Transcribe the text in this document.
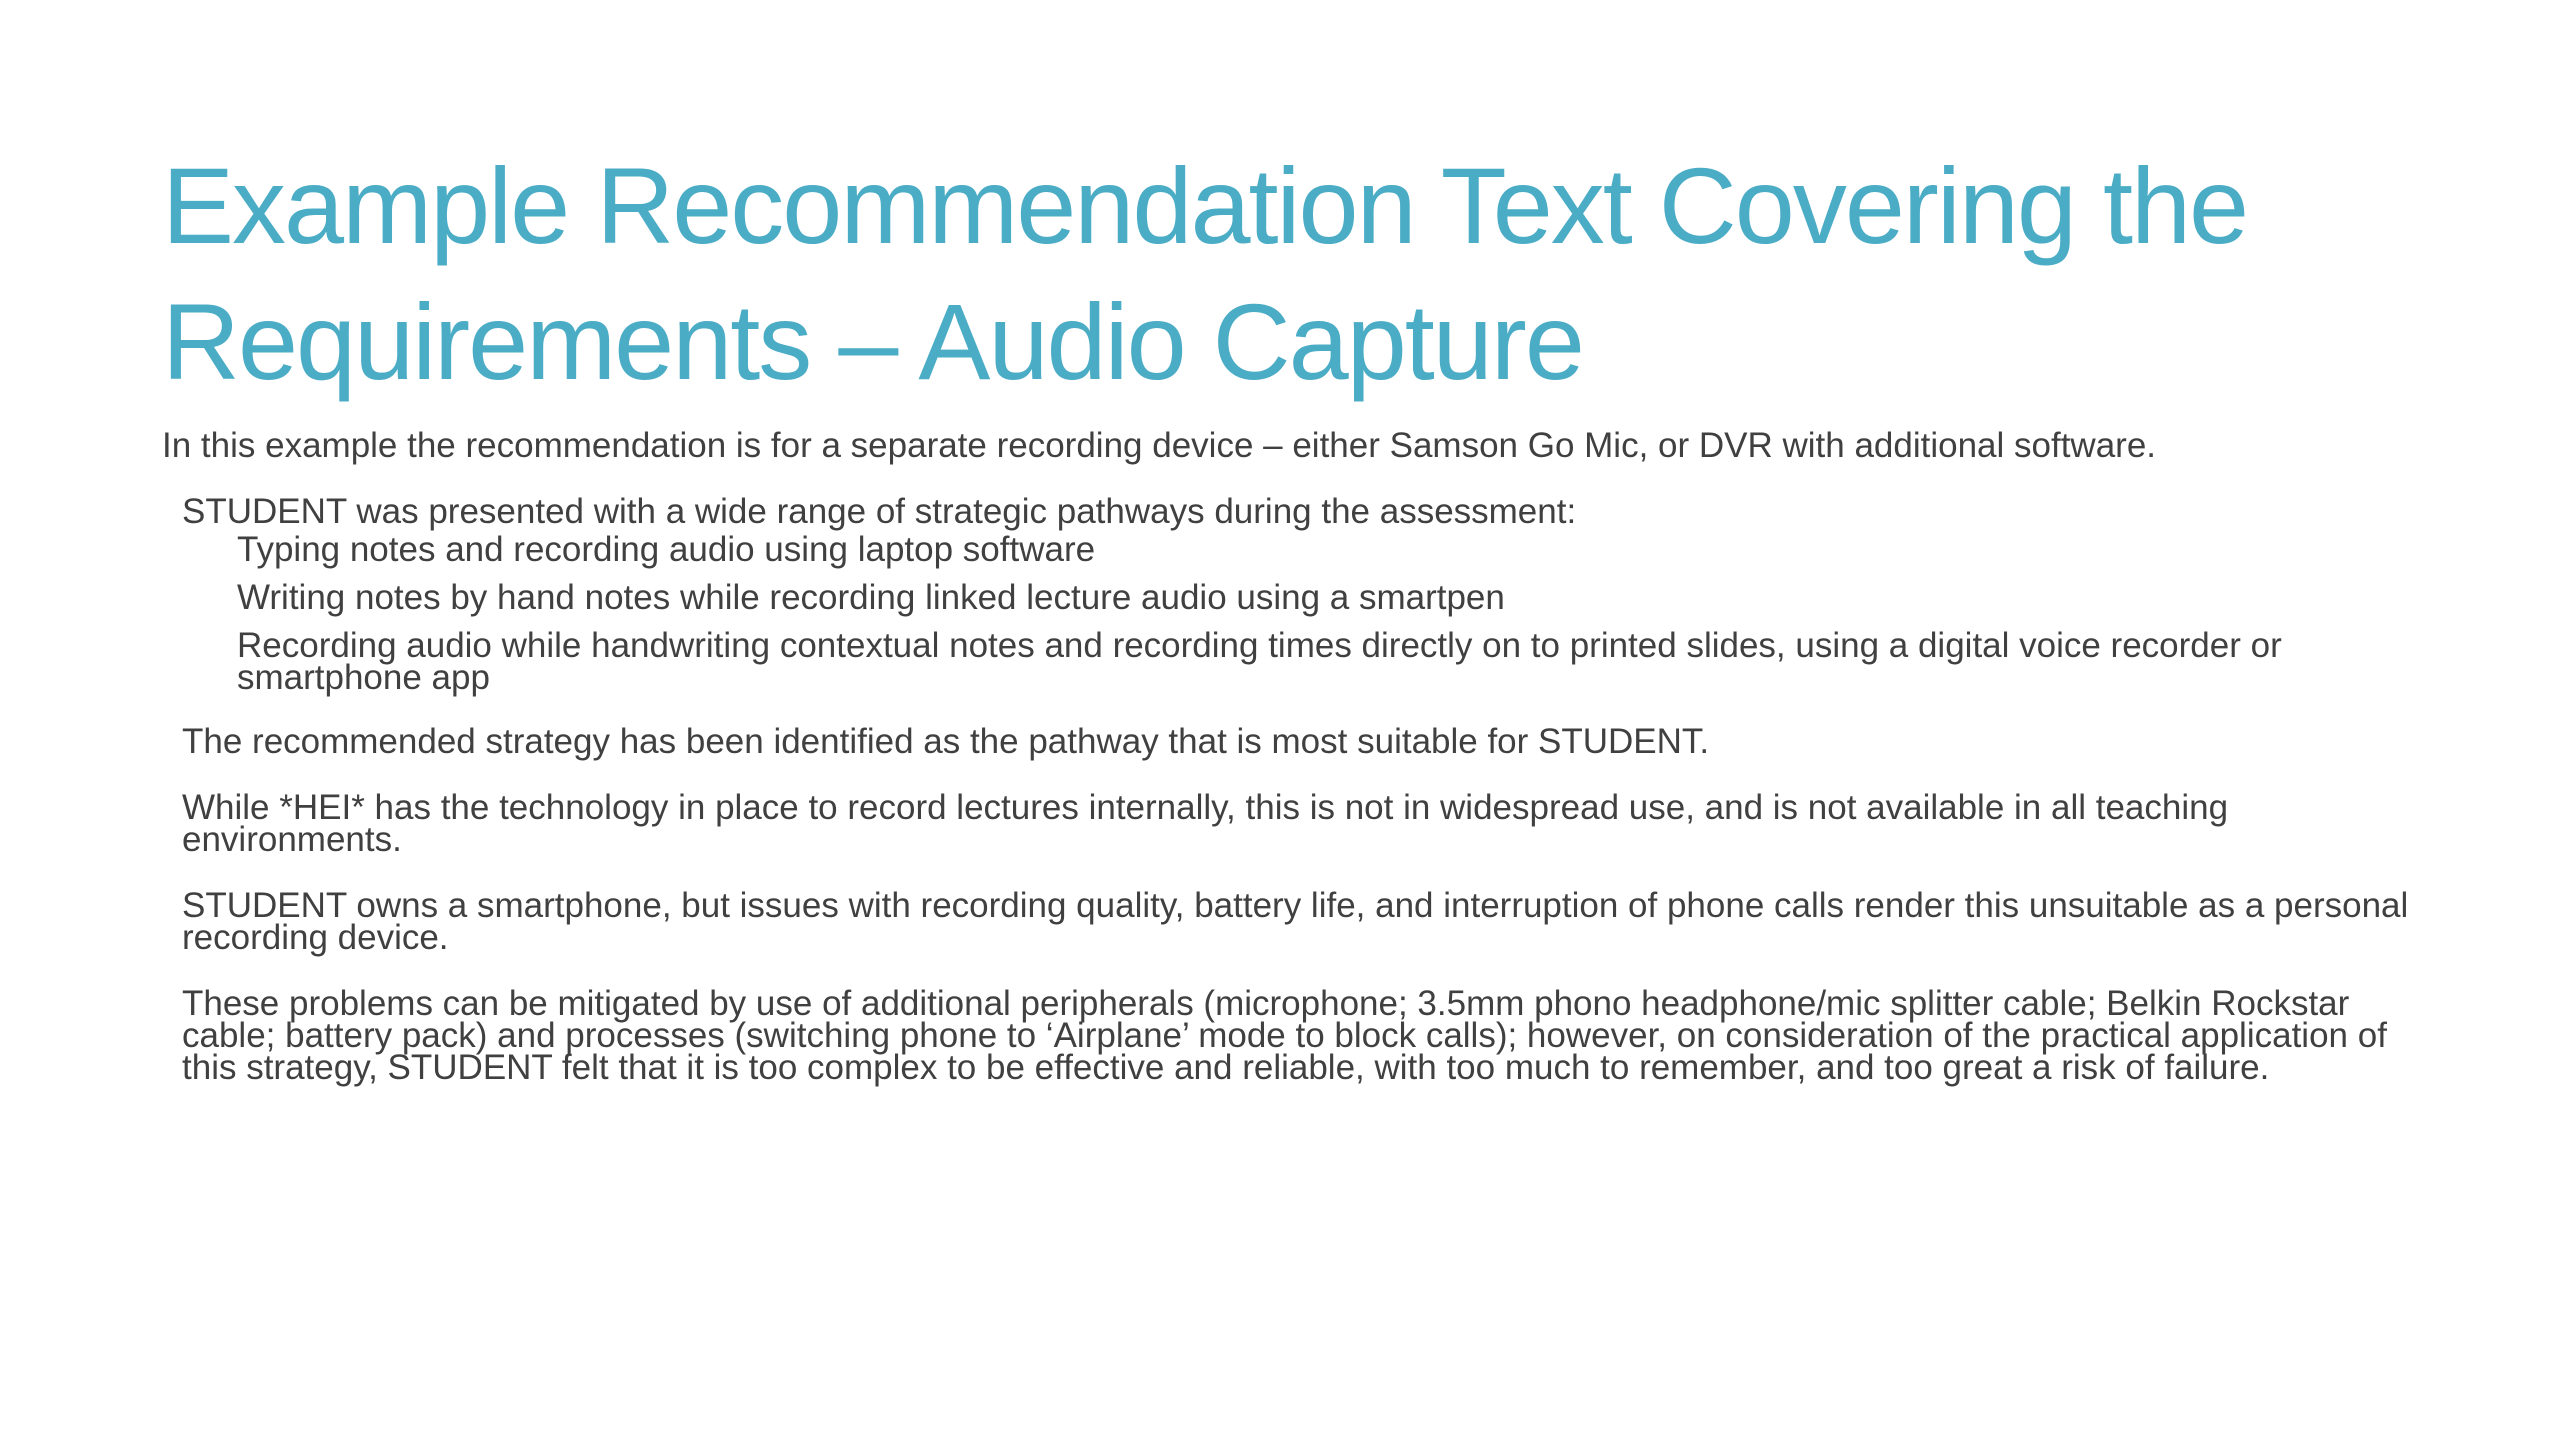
Example Recommendation Text Covering the Requirements – Audio Capture

In this example the recommendation is for a separate recording device – either Samson Go Mic, or DVR with additional software.

STUDENT was presented with a wide range of strategic pathways during the assessment:

Typing notes and recording audio using laptop software
Writing notes by hand notes while recording linked lecture audio using a smartpen
Recording audio while handwriting contextual notes and recording times directly on to printed slides, using a digital voice recorder or smartphone app

The recommended strategy has been identified as the pathway that is most suitable for STUDENT.

While *HEI* has the technology in place to record lectures internally, this is not in widespread use, and is not available in all teaching environments.

STUDENT owns a smartphone, but issues with recording quality, battery life, and interruption of phone calls render this unsuitable as a personal recording device.

These problems can be mitigated by use of additional peripherals (microphone; 3.5mm phono headphone/mic splitter cable; Belkin Rockstar cable; battery pack) and processes (switching phone to ‘Airplane’ mode to block calls); however, on consideration of the practical application of this strategy, STUDENT felt that it is too complex to be effective and reliable, with too much to remember, and too great a risk of failure.
